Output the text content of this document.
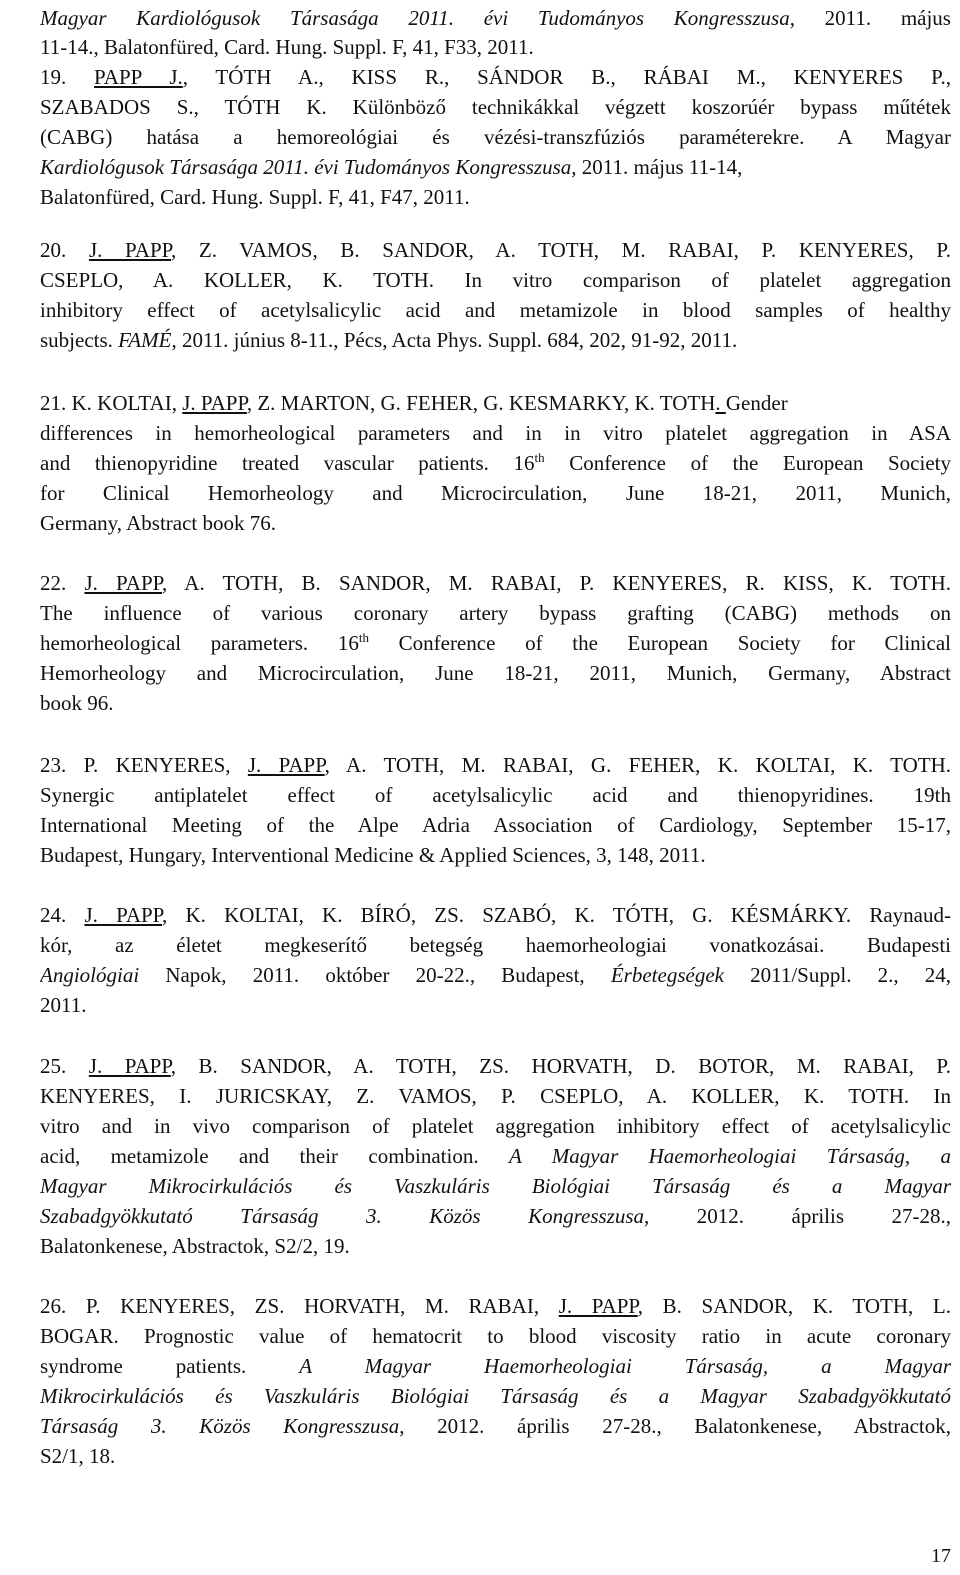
Magyar Kardiológusok Társasága 2011. évi Tudományos Kongresszusa, 2011. május
11-14., Balatonfüred, Card. Hung. Suppl. F, 41, F33, 2011.
19. PAPP J., TÓTH A., KISS R., SÁNDOR B., RÁBAI M., KENYERES P.,
SZABADOS S., TÓTH K. Különböző technikákkal végzett koszorúér bypass műtétek
(CABG) hatása a hemoreológiai és vézési-transzfúziós paraméterekre. A Magyar
Kardiológusok Társasága 2011. évi Tudományos Kongresszusa, 2011. május 11-14,
Balatonfüred, Card. Hung. Suppl. F, 41, F47, 2011.
20. J. PAPP, Z. VAMOS, B. SANDOR, A. TOTH, M. RABAI, P. KENYERES, P.
CSEPLO, A. KOLLER, K. TOTH. In vitro comparison of platelet aggregation
inhibitory effect of acetylsalicylic acid and metamizole in blood samples of healthy
subjects. FAMÉ, 2011. június 8-11., Pécs, Acta Phys. Suppl. 684, 202, 91-92, 2011.
21. K. KOLTAI, J. PAPP, Z. MARTON, G. FEHER, G. KESMARKY, K. TOTH. Gender
differences in hemorheological parameters and in in vitro platelet aggregation in ASA
and thienopyridine treated vascular patients. 16th Conference of the European Society
for Clinical Hemorheology and Microcirculation, June 18-21, 2011, Munich,
Germany, Abstract book 76.
22. J. PAPP, A. TOTH, B. SANDOR, M. RABAI, P. KENYERES, R. KISS, K. TOTH.
The influence of various coronary artery bypass grafting (CABG) methods on
hemorheological parameters. 16th Conference of the European Society for Clinical
Hemorheology and Microcirculation, June 18-21, 2011, Munich, Germany, Abstract
book 96.
23. P. KENYERES, J. PAPP, A. TOTH, M. RABAI, G. FEHER, K. KOLTAI, K. TOTH.
Synergic antiplatelet effect of acetylsalicylic acid and thienopyridines. 19th
International Meeting of the Alpe Adria Association of Cardiology, September 15-17,
Budapest, Hungary, Interventional Medicine & Applied Sciences, 3, 148, 2011.
24. J. PAPP, K. KOLTAI, K. BÍRÓ, ZS. SZABÓ, K. TÓTH, G. KÉSMÁRKY. Raynaud-
kór, az életet megkeserítő betegség haemorheologiai vonatkozásai. Budapesti
Angiológiai Napok, 2011. október 20-22., Budapest, Érbetegségek 2011/Suppl. 2., 24,
2011.
25. J. PAPP, B. SANDOR, A. TOTH, ZS. HORVATH, D. BOTOR, M. RABAI, P.
KENYERES, I. JURICSKAY, Z. VAMOS, P. CSEPLO, A. KOLLER, K. TOTH. In
vitro and in vivo comparison of platelet aggregation inhibitory effect of acetylsalicylic
acid, metamizole and their combination. A Magyar Haemorheologiai Társaság, a
Magyar Mikrocirkulációs és Vaszkuláris Biológiai Társaság és a Magyar
Szabadgyökkutató Társaság 3. Közös Kongresszusa, 2012. április 27-28.,
Balatonkenese, Abstractok, S2/2, 19.
26. P. KENYERES, ZS. HORVATH, M. RABAI, J. PAPP, B. SANDOR, K. TOTH, L.
BOGAR. Prognostic value of hematocrit to blood viscosity ratio in acute coronary
syndrome patients. A Magyar Haemorheologiai Társaság, a Magyar
Mikrocirkulációs és Vaszkuláris Biológiai Társaság és a Magyar Szabadgyökkutató
Társaság 3. Közös Kongresszusa, 2012. április 27-28., Balatonkenese, Abstractok,
S2/1, 18.
17
